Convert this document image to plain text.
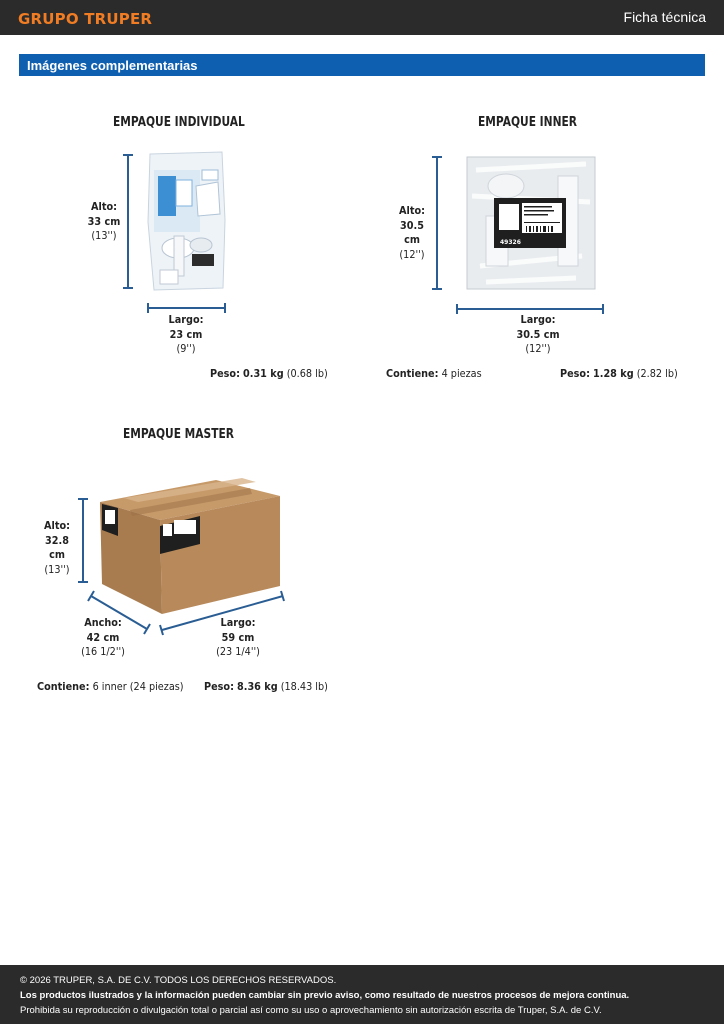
GRUPO TRUPER	Ficha técnica
Imágenes complementarias
EMPAQUE INDIVIDUAL
Alto:
33 cm
(13'')
Largo:
23 cm
(9'')
Peso: 0.31 kg (0.68 lb)
EMPAQUE INNER
49326
Alto:
30.5 cm
(12'')
Largo:
30.5 cm
(12'')
Contiene: 4 piezas	Peso: 1.28 kg (2.82 lb)
EMPAQUE MASTER
Alto:
32.8 cm
(13'')
Ancho:
42 cm
(16 1/2'')
Largo:
59 cm
(23 1/4'')
Contiene: 6 inner (24 piezas) Peso: 8.36 kg (18.43 lb)
© 2026 TRUPER, S.A. DE C.V. TODOS LOS DERECHOS RESERVADOS.
Los productos ilustrados y la información pueden cambiar sin previo aviso, como resultado de nuestros procesos de mejora continua.
Prohibida su reproducción o divulgación total o parcial así como su uso o aprovechamiento sin autorización escrita de Truper, S.A. de C.V.
